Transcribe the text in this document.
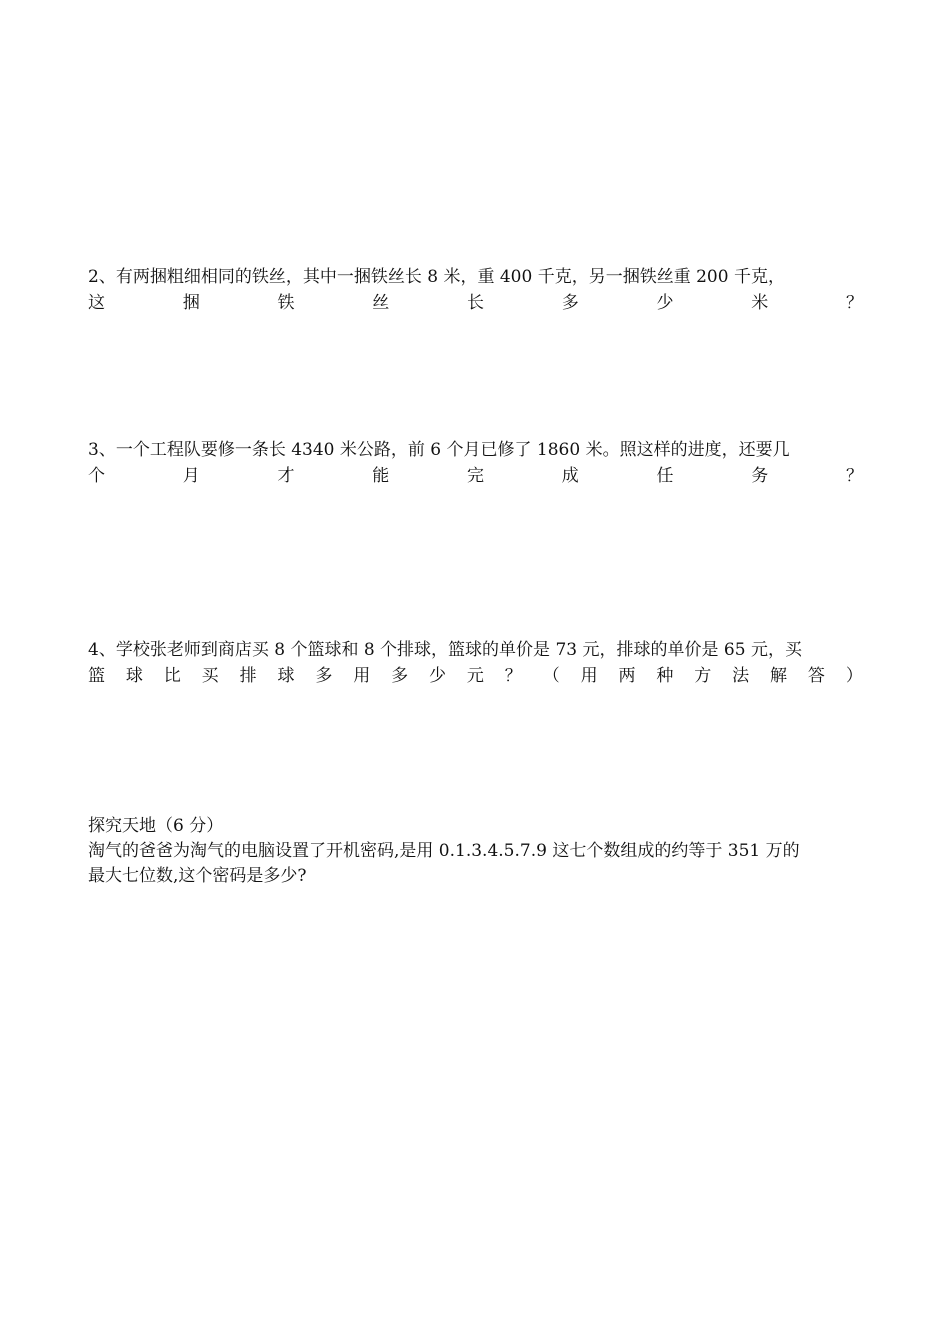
2、有两捆粗细相同的铁丝，其中一捆铁丝长 8 米，重 400 千克，另一捆铁丝重 200 千克，
这	捆	铁	丝	长	多	少	米	？
3、一个工程队要修一条长 4340 米公路，前 6 个月已修了 1860 米。照这样的进度，还要几
个	月	才	能	完	成	任	务	？
4、学校张老师到商店买 8 个篮球和 8 个排球，篮球的单价是 73 元，排球的单价是 65 元，买
篮 球 比 买 排 球 多 用 多 少 元 ？ （ 用 两 种 方 法 解 答 ）
探究天地（6 分）
淘气的爸爸为淘气的电脑设置了开机密码,是用 0.1.3.4.5.7.9 这七个数组成的约等于 351 万的
最大七位数,这个密码是多少?
